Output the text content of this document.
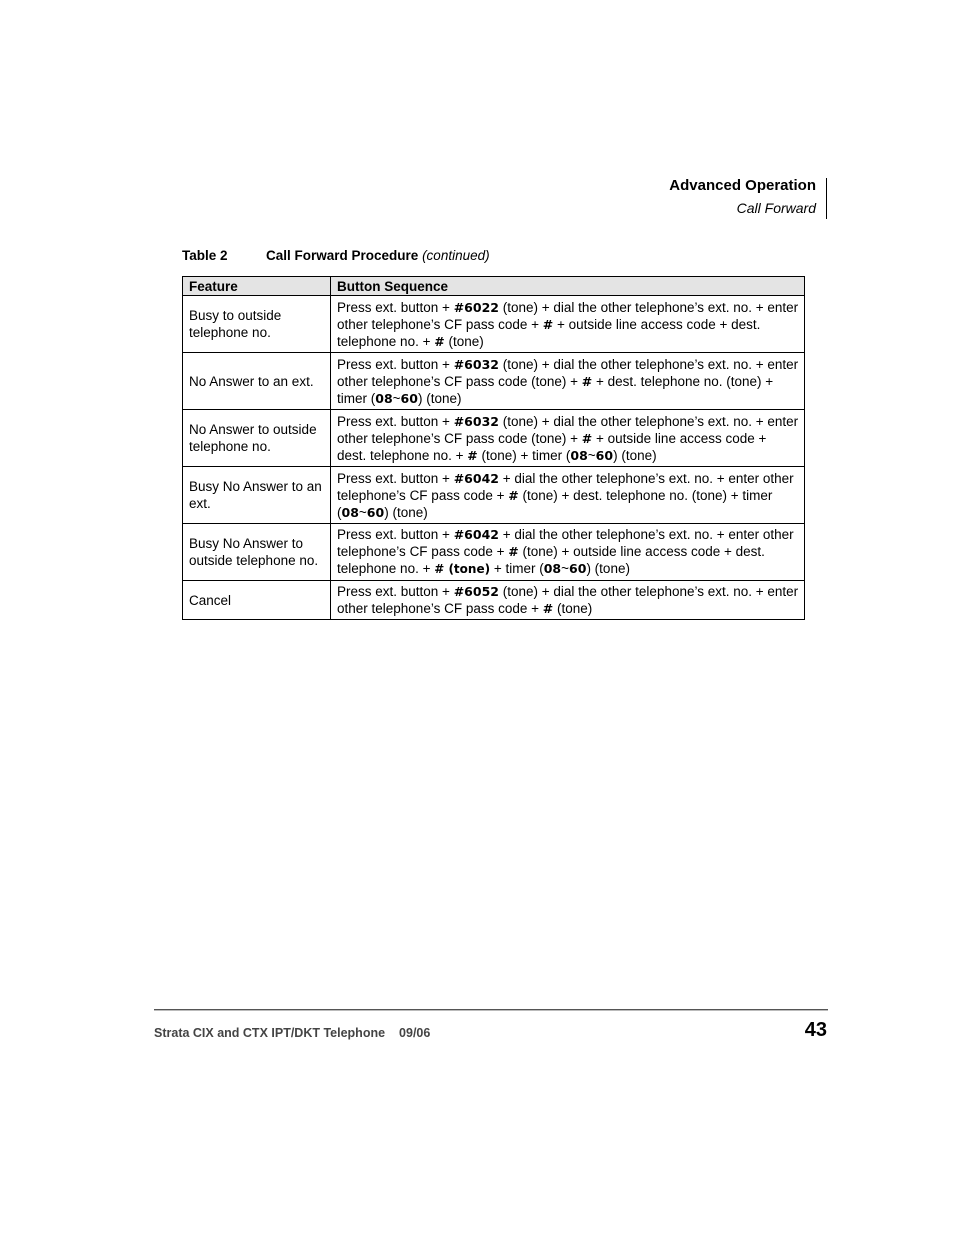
Advanced Operation
Call Forward
Table 2	Call Forward Procedure (continued)
Feature	Button Sequence
Busy to outside telephone no.	Press ext. button + #6022 (tone) + dial the other telephone’s ext. no. + enter other telephone’s CF pass code + # + outside line access code + dest. telephone no. + # (tone)
No Answer to an ext.	Press ext. button + #6032 (tone) + dial the other telephone’s ext. no. + enter other telephone’s CF pass code (tone) + # + dest. telephone no. (tone) + timer (08~60) (tone)
No Answer to outside telephone no.	Press ext. button + #6032 (tone) + dial the other telephone’s ext. no. + enter other telephone’s CF pass code (tone) + # + outside line access code + dest. telephone no. + # (tone) + timer (08~60) (tone)
Busy No Answer to an ext.	Press ext. button + #6042 + dial the other telephone’s ext. no. + enter other telephone’s CF pass code + # (tone) + dest. telephone no. (tone) + timer (08~60) (tone)
Busy No Answer to outside telephone no.	Press ext. button + #6042 + dial the other telephone’s ext. no. + enter other telephone’s CF pass code + # (tone) + outside line access code + dest. telephone no. + # (tone) + timer (08~60) (tone)
Cancel	Press ext. button + #6052 (tone) + dial the other telephone’s ext. no. + enter other telephone’s CF pass code + # (tone)
Strata CIX and CTX IPT/DKT Telephone 09/06	43
